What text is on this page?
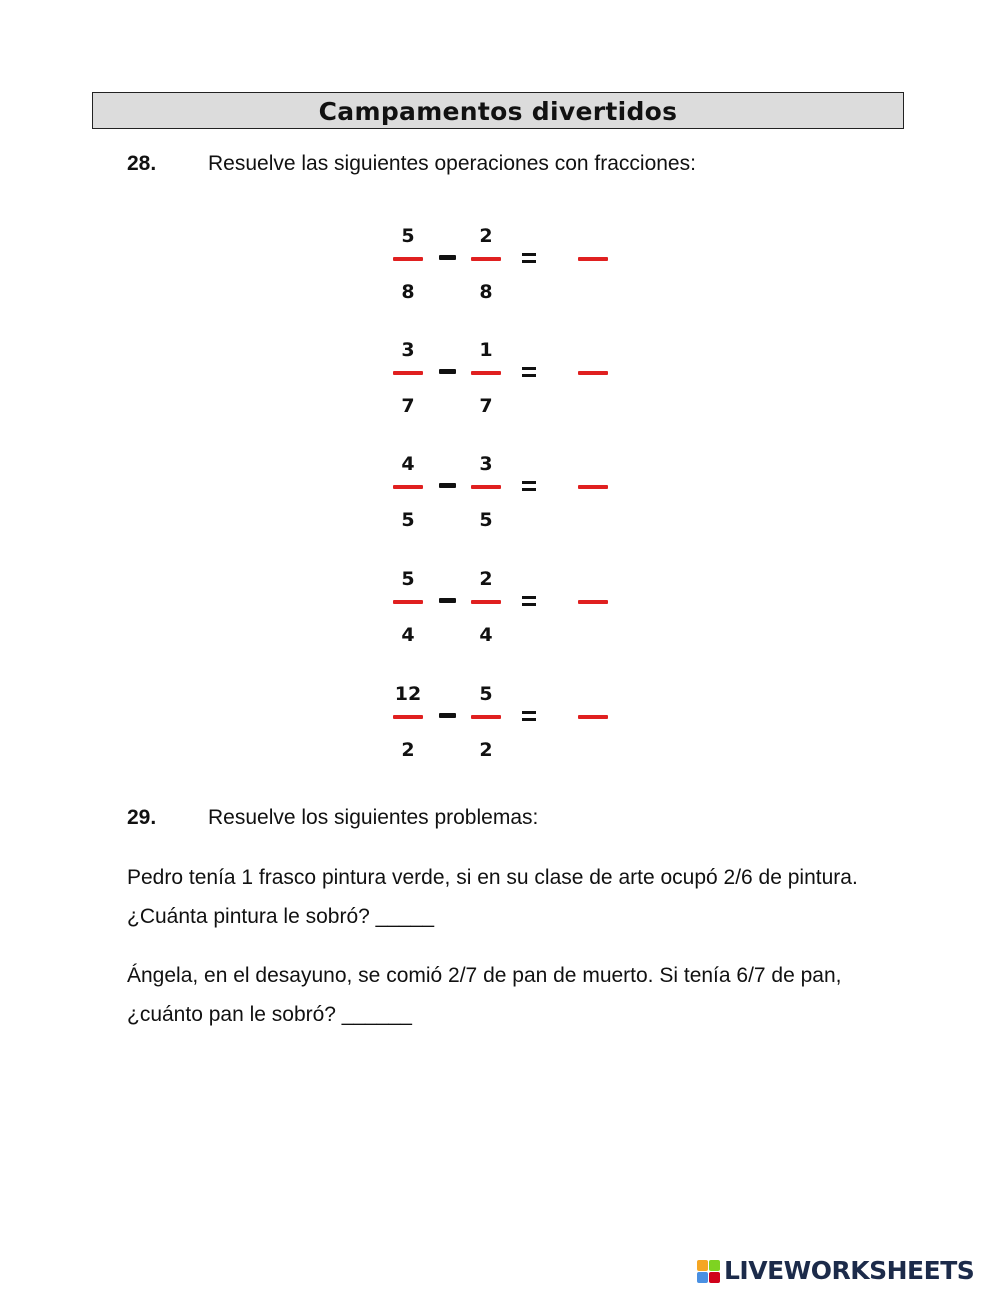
Campamentos divertidos
28. Resuelve las siguientes operaciones con fracciones:
5
8
2
8
3
7
1
7
4
5
3
5
5
4
2
4
12
2
5
2
29. Resuelve los siguientes problemas:
Pedro tenía 1 frasco pintura verde, si en su clase de arte ocupó 2/6 de pintura.
¿Cuánta pintura le sobró? _____
Ángela, en el desayuno, se comió 2/7 de pan de muerto. Si tenía 6/7 de pan,
¿cuánto pan le sobró? ______
LIVEWORKSHEETS
